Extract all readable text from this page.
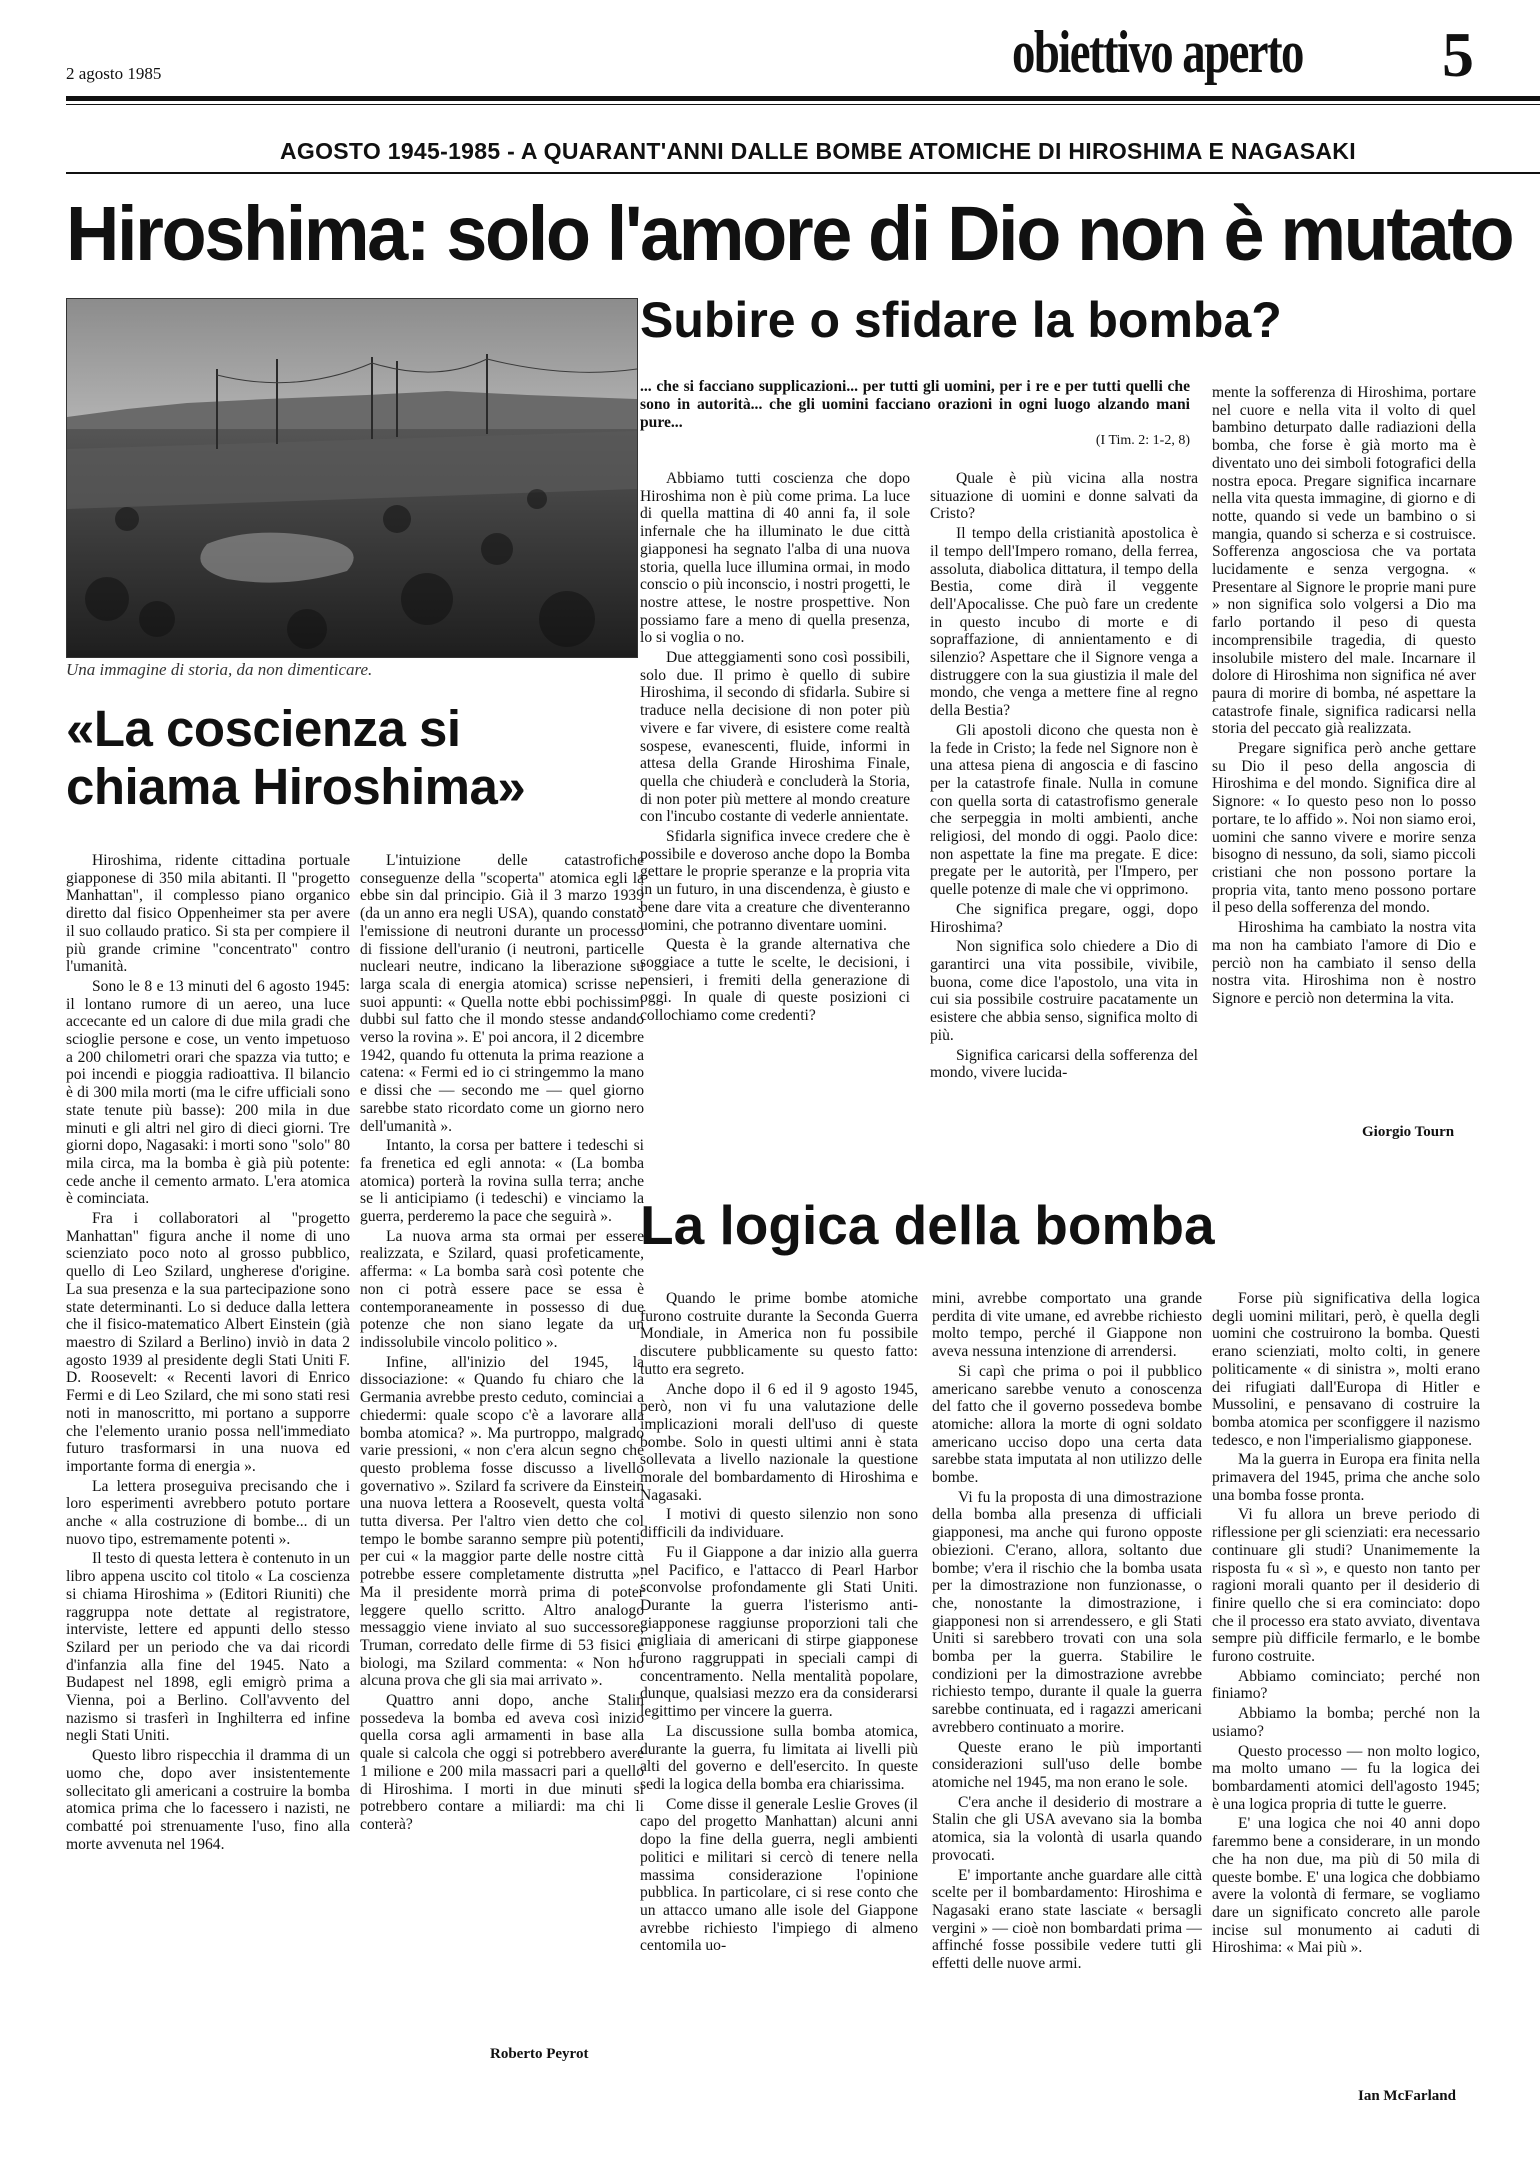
2 agosto 1985	obiettivo aperto 5
AGOSTO 1945-1985 - A QUARANT'ANNI DALLE BOMBE ATOMICHE DI HIROSHIMA E NAGASAKI
Hiroshima: solo l'amore di Dio non è mutato
Una immagine di storia, da non dimenticare.
«La coscienza si chiama Hiroshima»

Hiroshima, ridente cittadina portuale giapponese di 350 mila abitanti. Il "progetto Manhattan", il complesso piano organico diretto dal fisico Oppenheimer sta per avere il suo collaudo pratico. Si sta per compiere il più grande crimine "concentrato" contro l'umanità.

Sono le 8 e 13 minuti del 6 agosto 1945: il lontano rumore di un aereo, una luce accecante ed un calore di due mila gradi che scioglie persone e cose, un vento impetuoso a 200 chilometri orari che spazza via tutto; e poi incendi e pioggia radioattiva. Il bilancio è di 300 mila morti (ma le cifre ufficiali sono state tenute più basse): 200 mila in due minuti e gli altri nel giro di dieci giorni. Tre giorni dopo, Nagasaki: i morti sono "solo" 80 mila circa, ma la bomba è già più potente: cede anche il cemento armato. L'era atomica è cominciata.

Fra i collaboratori al "progetto Manhattan" figura anche il nome di uno scienziato poco noto al grosso pubblico, quello di Leo Szilard, ungherese d'origine. La sua presenza e la sua partecipazione sono state determinanti. Lo si deduce dalla lettera che il fisico-matematico Albert Einstein (già maestro di Szilard a Berlino) inviò in data 2 agosto 1939 al presidente degli Stati Uniti F. D. Roosevelt: « Recenti lavori di Enrico Fermi e di Leo Szilard, che mi sono stati resi noti in manoscritto, mi portano a supporre che l'elemento uranio possa nell'immediato futuro trasformarsi in una nuova ed importante forma di energia ».

La lettera proseguiva precisando che i loro esperimenti avrebbero potuto portare anche « alla costruzione di bombe... di un nuovo tipo, estremamente potenti ».

Il testo di questa lettera è contenuto in un libro appena uscito col titolo « La coscienza si chiama Hiroshima » (Editori Riuniti) che raggruppa note dettate al registratore, interviste, lettere ed appunti dello stesso Szilard per un periodo che va dai ricordi d'infanzia alla fine del 1945. Nato a Budapest nel 1898, egli emigrò prima a Vienna, poi a Berlino. Coll'avvento del nazismo si trasferì in Inghilterra ed infine negli Stati Uniti.

Questo libro rispecchia il dramma di un uomo che, dopo aver insistentemente sollecitato gli americani a costruire la bomba atomica prima che lo facessero i nazisti, ne combatté poi strenuamente l'uso, fino alla morte avvenuta nel 1964.

L'intuizione delle catastrofiche conseguenze della "scoperta" atomica egli la ebbe sin dal principio. Già il 3 marzo 1939 (da un anno era negli USA), quando constatò l'emissione di neutroni durante un processo di fissione dell'uranio (i neutroni, particelle nucleari neutre, indicano la liberazione su larga scala di energia atomica) scrisse nei suoi appunti: « Quella notte ebbi pochissimi dubbi sul fatto che il mondo stesse andando verso la rovina ». E' poi ancora, il 2 dicembre 1942, quando fu ottenuta la prima reazione a catena: « Fermi ed io ci stringemmo la mano e dissi che — secondo me — quel giorno sarebbe stato ricordato come un giorno nero dell'umanità ».

Intanto, la corsa per battere i tedeschi si fa frenetica ed egli annota: « (La bomba atomica) porterà la rovina sulla terra; anche se li anticipiamo (i tedeschi) e vinciamo la guerra, perderemo la pace che seguirà ».

La nuova arma sta ormai per essere realizzata, e Szilard, quasi profeticamente, afferma: « La bomba sarà così potente che non ci potrà essere pace se essa è contemporaneamente in possesso di due potenze che non siano legate da un indissolubile vincolo politico ».

Infine, all'inizio del 1945, la dissociazione: « Quando fu chiaro che la Germania avrebbe presto ceduto, cominciai a chiedermi: quale scopo c'è a lavorare alla bomba atomica? ». Ma purtroppo, malgrado varie pressioni, « non c'era alcun segno che questo problema fosse discusso a livello governativo ». Szilard fa scrivere da Einstein una nuova lettera a Roosevelt, questa volta tutta diversa. Per l'altro vien detto che col tempo le bombe saranno sempre più potenti, per cui « la maggior parte delle nostre città potrebbe essere completamente distrutta ». Ma il presidente morrà prima di poter leggere quello scritto. Altro analogo messaggio viene inviato al suo successore, Truman, corredato delle firme di 53 fisici e biologi, ma Szilard commenta: « Non ho alcuna prova che gli sia mai arrivato ».

Quattro anni dopo, anche Stalin possedeva la bomba ed aveva così inizio quella corsa agli armamenti in base alla quale si calcola che oggi si potrebbero avere 1 milione e 200 mila massacri pari a quello di Hiroshima. I morti in due minuti si potrebbero contare a miliardi: ma chi li conterà?

Roberto Peyrot
Subire o sfidare la bomba?
... che si facciano supplicazioni... per tutti gli uomini, per i re e per tutti quelli che sono in autorità... che gli uomini facciano orazioni in ogni luogo alzando mani pure...
(I Tim. 2: 1-2, 8)

Abbiamo tutti coscienza che dopo Hiroshima non è più come prima. La luce di quella mattina di 40 anni fa, il sole infernale che ha illuminato le due città giapponesi ha segnato l'alba di una nuova storia, quella luce illumina ormai, in modo conscio o più inconscio, i nostri progetti, le nostre attese, le nostre prospettive. Non possiamo fare a meno di quella presenza, lo si voglia o no.

Due atteggiamenti sono così possibili, solo due. Il primo è quello di subire Hiroshima, il secondo di sfidarla. Subire si traduce nella decisione di non poter più vivere e far vivere, di esistere come realtà sospese, evanescenti, fluide, informi in attesa della Grande Hiroshima Finale, quella che chiuderà e concluderà la Storia, di non poter più mettere al mondo creature con l'incubo costante di vederle annientate.

Sfidarla significa invece credere che è possibile e doveroso anche dopo la Bomba gettare le proprie speranze e la propria vita in un futuro, in una discendenza, è giusto e bene dare vita a creature che diventeranno uomini, che potranno diventare uomini.

Questa è la grande alternativa che soggiace a tutte le scelte, le decisioni, i pensieri, i fremiti della generazione di oggi. In quale di queste posizioni ci collochiamo come credenti?

Quale è più vicina alla nostra situazione di uomini e donne salvati da Cristo?

Il tempo della cristianità apostolica è il tempo dell'Impero romano, della ferrea, assoluta, diabolica dittatura, il tempo della Bestia, come dirà il veggente dell'Apocalisse. Che può fare un credente in questo incubo di morte e di sopraffazione, di annientamento e di silenzio? Aspettare che il Signore venga a distruggere con la sua giustizia il male del mondo, che venga a mettere fine al regno della Bestia?

Gli apostoli dicono che questa non è la fede in Cristo; la fede nel Signore non è una attesa piena di angoscia e di fascino per la catastrofe finale. Nulla in comune con quella sorta di catastrofismo generale che serpeggia in molti ambienti, anche religiosi, del mondo di oggi. Paolo dice: non aspettate la fine ma pregate. E dice: pregate per le autorità, per l'Impero, per quelle potenze di male che vi opprimono.

Che significa pregare, oggi, dopo Hiroshima?

Non significa solo chiedere a Dio di garantirci una vita possibile, vivibile, buona, come dice l'apostolo, una vita in cui sia possibile costruire pacatamente un esistere che abbia senso, significa molto di più.

Significa caricarsi della sofferenza del mondo, vivere lucida-

mente la sofferenza di Hiroshima, portare nel cuore e nella vita il volto di quel bambino deturpato dalle radiazioni della bomba, che forse è già morto ma è diventato uno dei simboli fotografici della nostra epoca. Pregare significa incarnare nella vita questa immagine, di giorno e di notte, quando si vede un bambino o si mangia, quando si scherza e si costruisce. Sofferenza angosciosa che va portata lucidamente e senza vergogna. « Presentare al Signore le proprie mani pure » non significa solo volgersi a Dio ma farlo portando il peso di questa incomprensibile tragedia, di questo insolubile mistero del male. Incarnare il dolore di Hiroshima non significa né aver paura di morire di bomba, né aspettare la catastrofe finale, significa radicarsi nella storia del peccato già realizzata.

Pregare significa però anche gettare su Dio il peso della angoscia di Hiroshima e del mondo. Significa dire al Signore: « Io questo peso non lo posso portare, te lo affido ». Noi non siamo eroi, uomini che sanno vivere e morire senza bisogno di nessuno, da soli, siamo piccoli cristiani che non possono portare la propria vita, tanto meno possono portare il peso della sofferenza del mondo.

Hiroshima ha cambiato la nostra vita ma non ha cambiato l'amore di Dio e perciò non ha cambiato il senso della nostra vita. Hiroshima non è nostro Signore e perciò non determina la vita.

Giorgio Tourn
La logica della bomba

Quando le prime bombe atomiche furono costruite durante la Seconda Guerra Mondiale, in America non fu possibile discutere pubblicamente su questo fatto: tutto era segreto.

Anche dopo il 6 ed il 9 agosto 1945, però, non vi fu una valutazione delle implicazioni morali dell'uso di queste bombe. Solo in questi ultimi anni è stata sollevata a livello nazionale la questione morale del bombardamento di Hiroshima e Nagasaki.

I motivi di questo silenzio non sono difficili da individuare.

Fu il Giappone a dar inizio alla guerra nel Pacifico, e l'attacco di Pearl Harbor sconvolse profondamente gli Stati Uniti. Durante la guerra l'isterismo anti-giapponese raggiunse proporzioni tali che migliaia di americani di stirpe giapponese furono raggruppati in speciali campi di concentramento. Nella mentalità popolare, dunque, qualsiasi mezzo era da considerarsi legittimo per vincere la guerra.

La discussione sulla bomba atomica, durante la guerra, fu limitata ai livelli più alti del governo e dell'esercito. In queste sedi la logica della bomba era chiarissima.

Come disse il generale Leslie Groves (il capo del progetto Manhattan) alcuni anni dopo la fine della guerra, negli ambienti politici e militari si cercò di tenere nella massima considerazione l'opinione pubblica. In particolare, ci si rese conto che un attacco umano alle isole del Giappone avrebbe richiesto l'impiego di almeno centomila uo-

mini, avrebbe comportato una grande perdita di vite umane, ed avrebbe richiesto molto tempo, perché il Giappone non aveva nessuna intenzione di arrendersi.

Si capì che prima o poi il pubblico americano sarebbe venuto a conoscenza del fatto che il governo possedeva bombe atomiche: allora la morte di ogni soldato americano ucciso dopo una certa data sarebbe stata imputata al non utilizzo delle bombe.

Vi fu la proposta di una dimostrazione della bomba alla presenza di ufficiali giapponesi, ma anche qui furono opposte obiezioni. C'erano, allora, soltanto due bombe; v'era il rischio che la bomba usata per la dimostrazione non funzionasse, o che, nonostante la dimostrazione, i giapponesi non si arrendessero, e gli Stati Uniti si sarebbero trovati con una sola bomba per la guerra. Stabilire le condizioni per la dimostrazione avrebbe richiesto tempo, durante il quale la guerra sarebbe continuata, ed i ragazzi americani avrebbero continuato a morire.

Queste erano le più importanti considerazioni sull'uso delle bombe atomiche nel 1945, ma non erano le sole.

C'era anche il desiderio di mostrare a Stalin che gli USA avevano sia la bomba atomica, sia la volontà di usarla quando provocati.

E' importante anche guardare alle città scelte per il bombardamento: Hiroshima e Nagasaki erano state lasciate « bersagli vergini » — cioè non bombardati prima — affinché fosse possibile vedere tutti gli effetti delle nuove armi.

Forse più significativa della logica degli uomini militari, però, è quella degli uomini che costruirono la bomba. Questi erano scienziati, molto colti, in genere politicamente « di sinistra », molti erano dei rifugiati dall'Europa di Hitler e Mussolini, e pensavano di costruire la bomba atomica per sconfiggere il nazismo tedesco, e non l'imperialismo giapponese.

Ma la guerra in Europa era finita nella primavera del 1945, prima che anche solo una bomba fosse pronta.

Vi fu allora un breve periodo di riflessione per gli scienziati: era necessario continuare gli studi? Unanimemente la risposta fu « sì », e questo non tanto per ragioni morali quanto per il desiderio di finire quello che si era cominciato: dopo che il processo era stato avviato, diventava sempre più difficile fermarlo, e le bombe furono costruite.

Abbiamo cominciato; perché non finiamo?

Abbiamo la bomba; perché non la usiamo?

Questo processo — non molto logico, ma molto umano — fu la logica dei bombardamenti atomici dell'agosto 1945; è una logica propria di tutte le guerre.

E' una logica che noi 40 anni dopo faremmo bene a considerare, in un mondo che ha non due, ma più di 50 mila di queste bombe. E' una logica che dobbiamo avere la volontà di fermare, se vogliamo dare un significato concreto alle parole incise sul monumento ai caduti di Hiroshima: « Mai più ».

Ian McFarland
